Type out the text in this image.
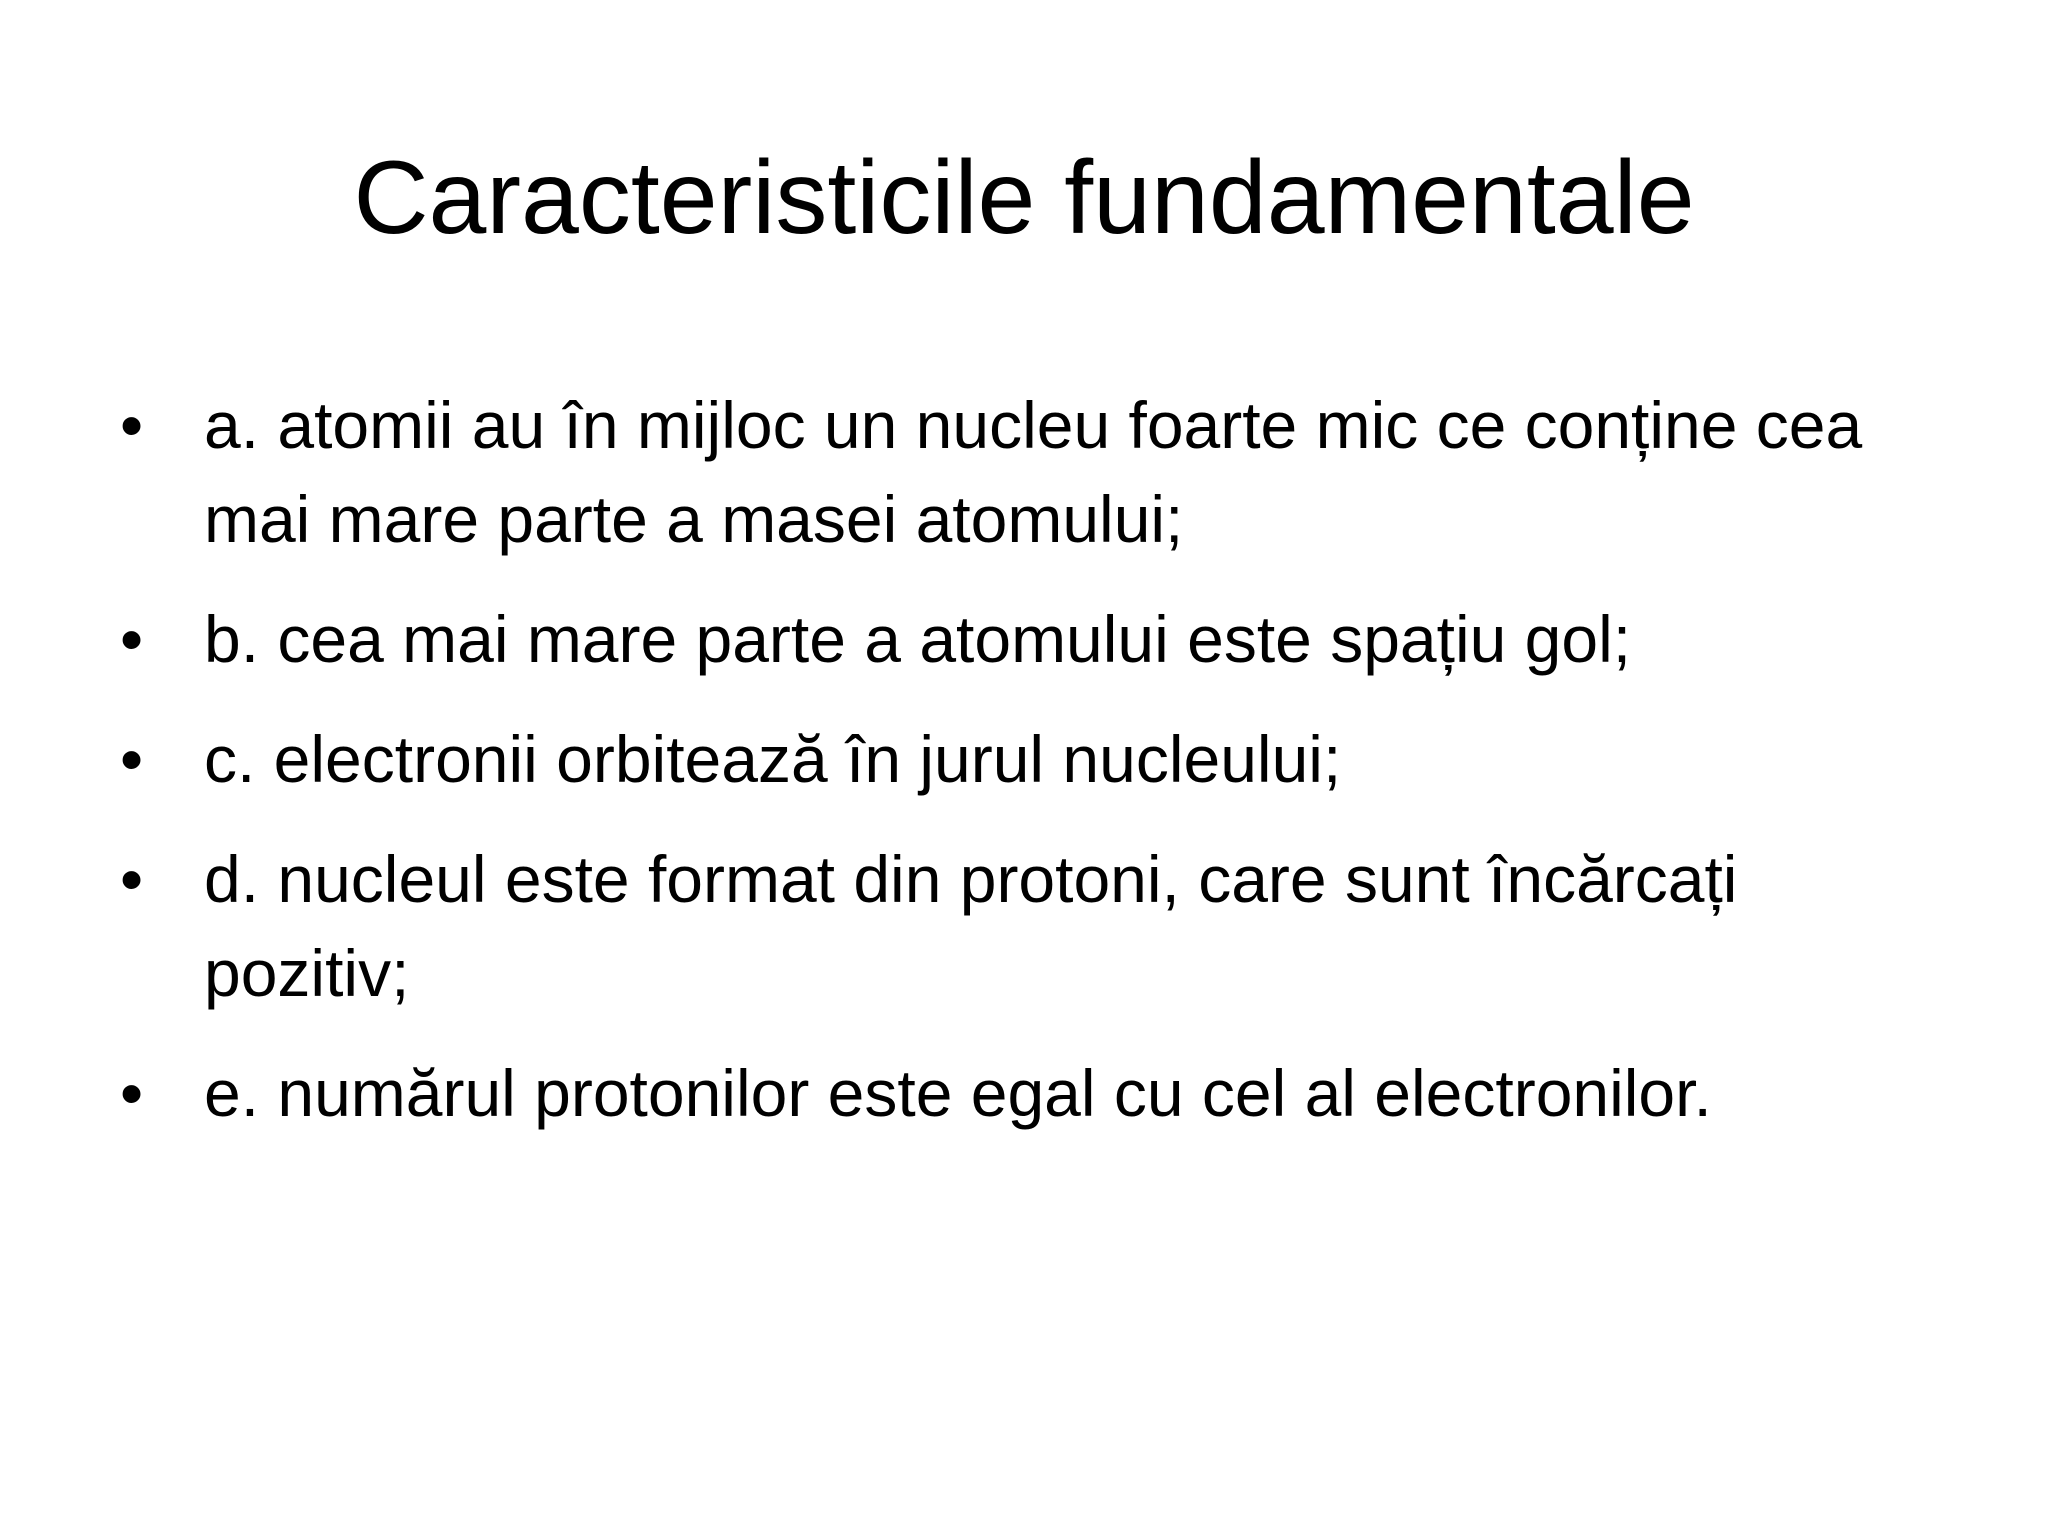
Caracteristicile fundamentale
• a. atomii au în mijloc un nucleu foarte mic ce conține cea mai mare parte a masei atomului;
• b. cea mai mare parte a atomului este spațiu gol;
• c. electronii orbitează în jurul nucleului;
• d. nucleul este format din protoni, care sunt încărcați pozitiv;
• e. numărul protonilor este egal cu cel al electronilor.
